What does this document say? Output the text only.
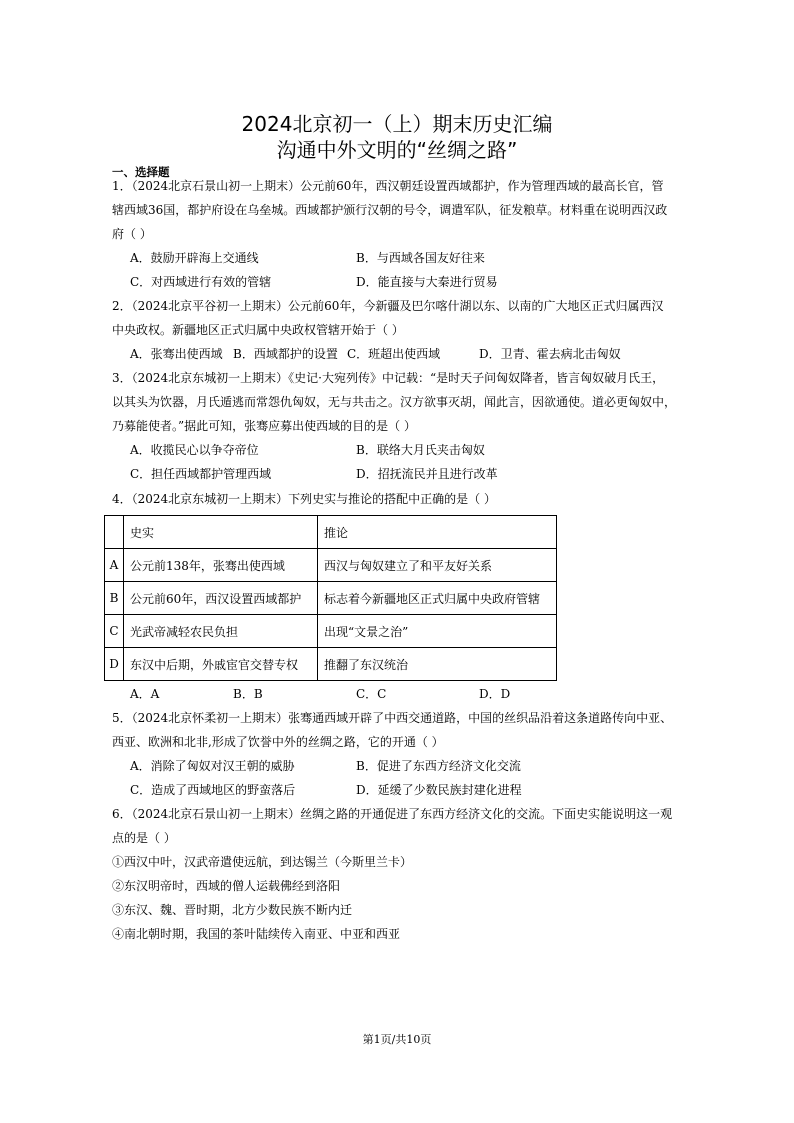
2024北京初一（上）期末历史汇编
沟通中外文明的“丝绸之路”
一、选择题
1．（2024北京石景山初一上期末）公元前60年，西汉朝廷设置西域都护，作为管理西域的最高长官，管
辖西域36国，都护府设在乌垒城。西域都护颁行汉朝的号令，调遣军队，征发粮草。材料重在说明西汉政
府（ ）
A．鼓励开辟海上交通线	B．与西域各国友好往来
C．对西域进行有效的管辖	D．能直接与大秦进行贸易
2．（2024北京平谷初一上期末）公元前60年，今新疆及巴尔喀什湖以东、以南的广大地区正式归属西汉
中央政权。新疆地区正式归属中央政权管辖开始于（ ）
A．张骞出使西域 B．西域都护的设置 C．班超出使西域	D．卫青、霍去病北击匈奴
3．（2024北京东城初一上期末）《史记·大宛列传》中记载：“是时天子问匈奴降者，皆言匈奴破月氏王，
以其头为饮器，月氏遁逃而常怨仇匈奴，无与共击之。汉方欲事灭胡，闻此言，因欲通使。道必更匈奴中，
乃募能使者。”据此可知，张骞应募出使西域的目的是（ ）
A．收揽民心以争夺帝位	B．联络大月氏夹击匈奴
C．担任西域都护管理西域	D．招抚流民并且进行改革
4．（2024北京东城初一上期末）下列史实与推论的搭配中正确的是（ ）
	史实	推论
A	公元前138年，张骞出使西域	西汉与匈奴建立了和平友好关系
B	公元前60年，西汉设置西域都护	标志着今新疆地区正式归属中央政府管辖
C	光武帝减轻农民负担	出现“文景之治”
D	东汉中后期，外戚宦官交替专权	推翻了东汉统治
A．A	B．B	C．C	D．D
5．（2024北京怀柔初一上期末）张骞通西域开辟了中西交通道路，中国的丝织品沿着这条道路传向中亚、
西亚、欧洲和北非,形成了饮誉中外的丝绸之路，它的开通（ ）
A．消除了匈奴对汉王朝的威胁	B．促进了东西方经济文化交流
C．造成了西域地区的野蛮落后	D．延缓了少数民族封建化进程
6．（2024北京石景山初一上期末）丝绸之路的开通促进了东西方经济文化的交流。下面史实能说明这一观
点的是（ ）
①西汉中叶，汉武帝遣使远航，到达锡兰（今斯里兰卡）
②东汉明帝时，西域的僧人运载佛经到洛阳
③东汉、魏、晋时期，北方少数民族不断内迁
④南北朝时期，我国的茶叶陆续传入南亚、中亚和西亚
第1页/共10页
